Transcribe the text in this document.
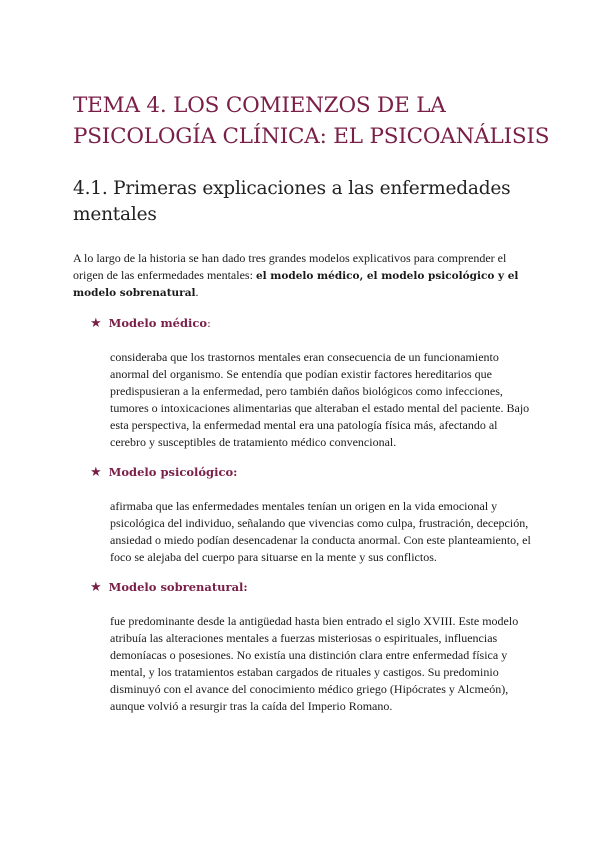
TEMA 4. LOS COMIENZOS DE LA
PSICOLOGÍA CLÍNICA: EL PSICOANÁLISIS
4.1. Primeras explicaciones a las enfermedades mentales

A lo largo de la historia se han dado tres grandes modelos explicativos para comprender el origen de las enfermedades mentales: el modelo médico, el modelo psicológico y el modelo sobrenatural.

★ Modelo médico :

consideraba que los trastornos mentales eran consecuencia de un funcionamiento anormal del organismo. Se entendía que podían existir factores hereditarios que predispusieran a la enfermedad, pero también daños biológicos como infecciones, tumores o intoxicaciones alimentarias que alteraban el estado mental del paciente. Bajo esta perspectiva, la enfermedad mental era una patología física más, afectando al cerebro y susceptibles de tratamiento médico convencional.

★ Modelo psicológico:

afirmaba que las enfermedades mentales tenían un origen en la vida emocional y psicológica del individuo, señalando que vivencias como culpa, frustración, decepción, ansiedad o miedo podían desencadenar la conducta anormal. Con este planteamiento, el foco se alejaba del cuerpo para situarse en la mente y sus conflictos.

★ Modelo sobrenatural:

fue predominante desde la antigüedad hasta bien entrado el siglo XVIII. Este modelo atribuía las alteraciones mentales a fuerzas misteriosas o espirituales, influencias demoníacas o posesiones. No existía una distinción clara entre enfermedad física y mental, y los tratamientos estaban cargados de rituales y castigos. Su predominio disminuyó con el avance del conocimiento médico griego (Hipócrates y Alcmeón), aunque volvió a resurgir tras la caída del Imperio Romano.
